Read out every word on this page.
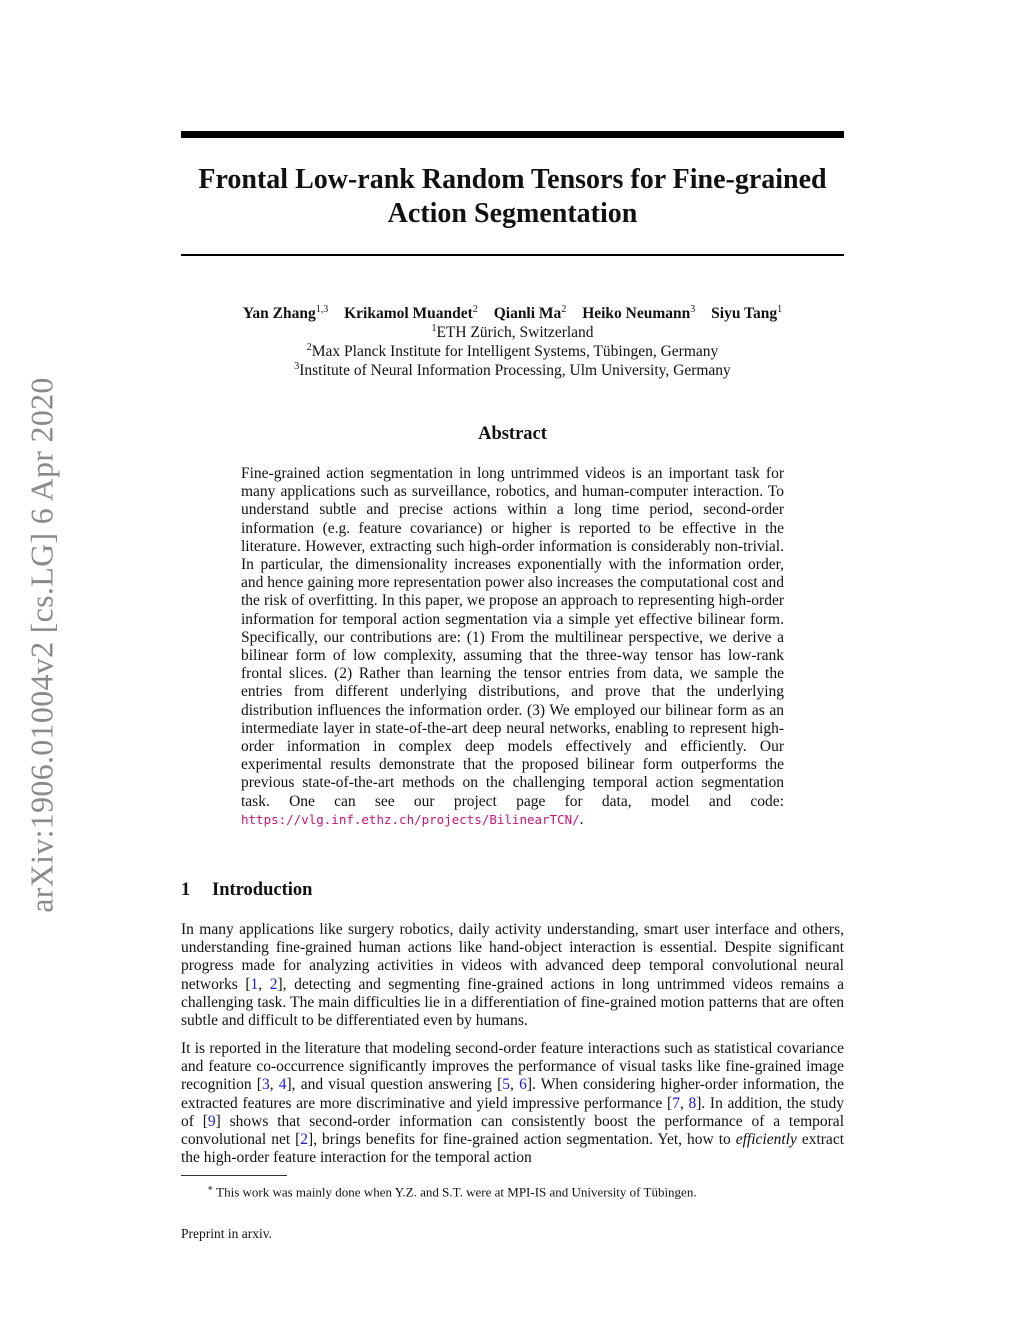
arXiv:1906.01004v2 [cs.LG] 6 Apr 2020
Frontal Low-rank Random Tensors for Fine-grained
Action Segmentation
Yan Zhang$^{1,3}$ Krikamol Muandet$^2$ Qianli Ma$^2$ Heiko Neumann$^3$ Siyu Tang$^1$
$^1$ETH Zürich, Switzerland
$^2$Max Planck Institute for Intelligent Systems, Tübingen, Germany
$^3$Institute of Neural Information Processing, Ulm University, Germany
Abstract
Fine-grained action segmentation in long untrimmed videos is an important task for many applications such as surveillance, robotics, and human-computer interaction. To understand subtle and precise actions within a long time period, second-order information (e.g. feature covariance) or higher is reported to be effective in the literature. However, extracting such high-order information is considerably non-trivial. In particular, the dimensionality increases exponentially with the information order, and hence gaining more representation power also increases the computational cost and the risk of overfitting. In this paper, we propose an approach to representing high-order information for temporal action segmentation via a simple yet effective bilinear form. Specifically, our contributions are: (1) From the multilinear perspective, we derive a bilinear form of low complexity, assuming that the three-way tensor has low-rank frontal slices. (2) Rather than learning the tensor entries from data, we sample the entries from different underlying distributions, and prove that the underlying distribution influences the information order. (3) We employed our bilinear form as an intermediate layer in state-of-the-art deep neural networks, enabling to represent high-order information in complex deep models effectively and efficiently. Our experimental results demonstrate that the proposed bilinear form outperforms the previous state-of-the-art methods on the challenging temporal action segmentation task. One can see our project page for data, model and code: https://vlg.inf.ethz.ch/projects/BilinearTCN/.
1 Introduction

In many applications like surgery robotics, daily activity understanding, smart user interface and others, understanding fine-grained human actions like hand-object interaction is essential. Despite significant progress made for analyzing activities in videos with advanced deep temporal convolutional neural networks [1, 2], detecting and segmenting fine-grained actions in long untrimmed videos remains a challenging task. The main difficulties lie in a differentiation of fine-grained motion patterns that are often subtle and difficult to be differentiated even by humans.

It is reported in the literature that modeling second-order feature interactions such as statistical covariance and feature co-occurrence significantly improves the performance of visual tasks like fine-grained image recognition [3, 4], and visual question answering [5, 6]. When considering higher-order information, the extracted features are more discriminative and yield impressive performance [7, 8]. In addition, the study of [9] shows that second-order information can consistently boost the performance of a temporal convolutional net [2], brings benefits for fine-grained action segmentation. Yet, how to efficiently extract the high-order feature interaction for the temporal action

∗ This work was mainly done when Y.Z. and S.T. were at MPI-IS and University of Tübingen.
Preprint in arxiv.
